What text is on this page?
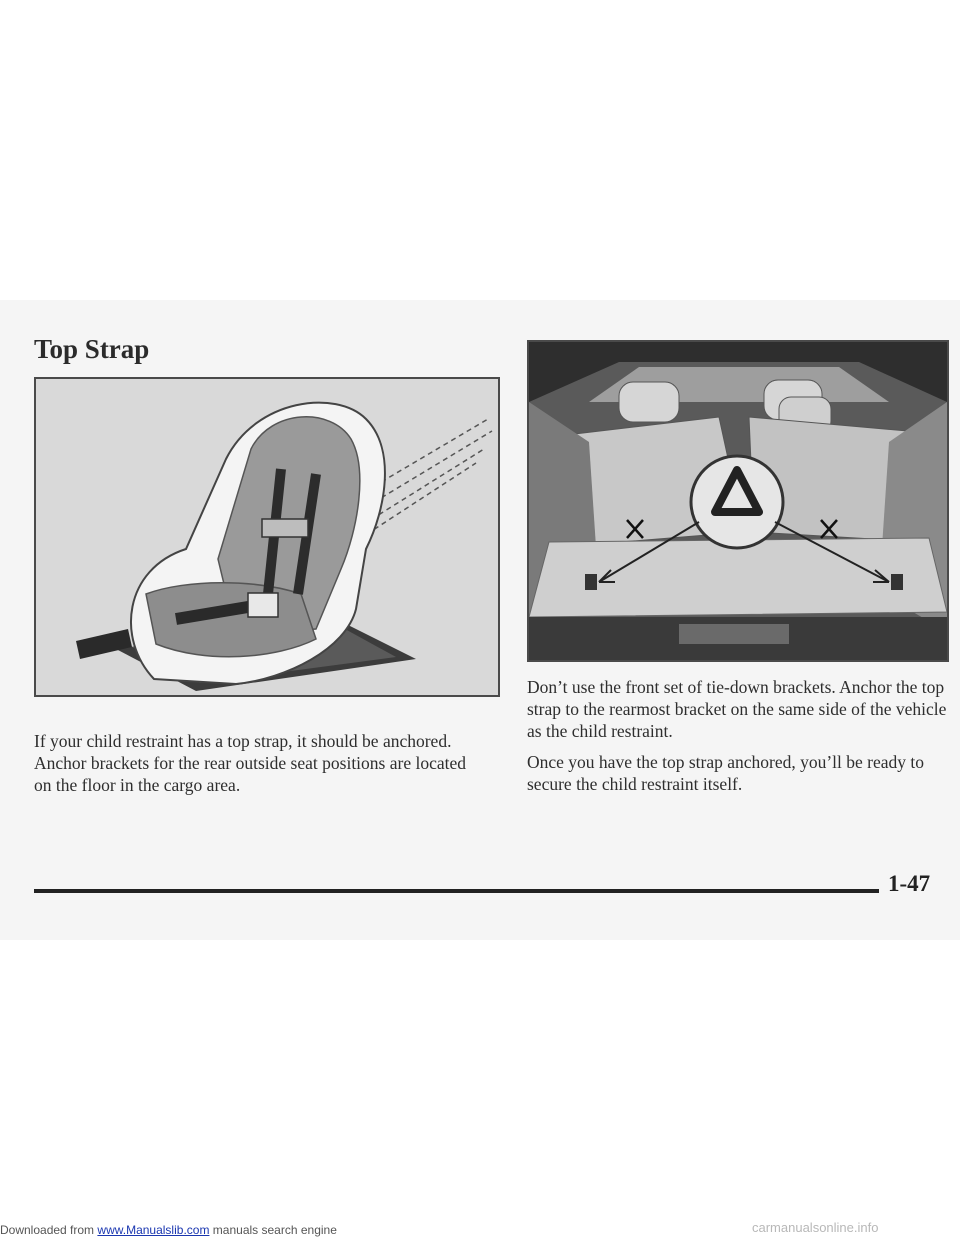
Top Strap

If your child restraint has a top strap, it should be anchored. Anchor brackets for the rear outside seat positions are located on the floor in the cargo area.

Don’t use the front set of tie-down brackets. Anchor the top strap to the rearmost bracket on the same side of the vehicle as the child restraint.

Once you have the top strap anchored, you’ll be ready to secure the child restraint itself.

1-47
Downloaded from www.Manualslib.com manuals search engine	carmanualsonline.info
